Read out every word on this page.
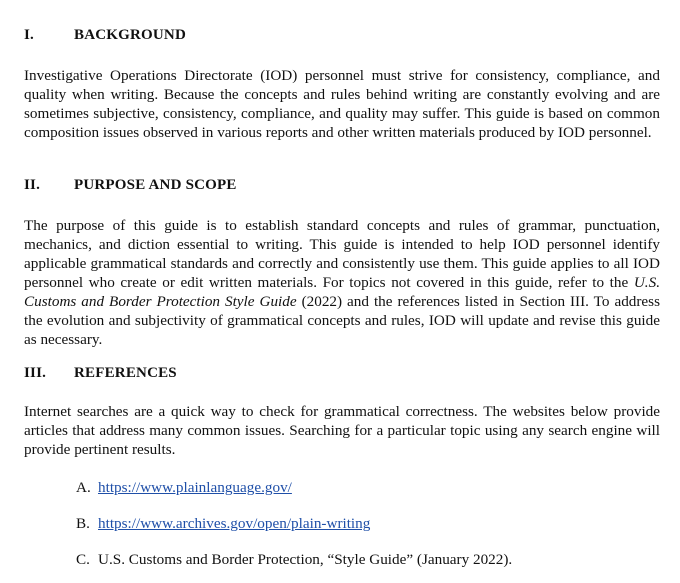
I.	BACKGROUND

Investigative Operations Directorate (IOD) personnel must strive for consistency, compliance, and quality when writing. Because the concepts and rules behind writing are constantly evolving and are sometimes subjective, consistency, compliance, and quality may suffer. This guide is based on common composition issues observed in various reports and other written materials produced by IOD personnel.

II. PURPOSE AND SCOPE

The purpose of this guide is to establish standard concepts and rules of grammar, punctuation, mechanics, and diction essential to writing. This guide is intended to help IOD personnel identify applicable grammatical standards and correctly and consistently use them. This guide applies to all IOD personnel who create or edit written materials. For topics not covered in this guide, refer to the U.S. Customs and Border Protection Style Guide (2022) and the references listed in Section III. To address the evolution and subjectivity of grammatical concepts and rules, IOD will update and revise this guide as necessary.

III. REFERENCES

Internet searches are a quick way to check for grammatical correctness. The websites below provide articles that address many common issues. Searching for a particular topic using any search engine will provide pertinent results.

A. https://www.plainlanguage.gov/

B. https://www.archives.gov/open/plain-writing

C. U.S. Customs and Border Protection, “Style Guide” (January 2022).
